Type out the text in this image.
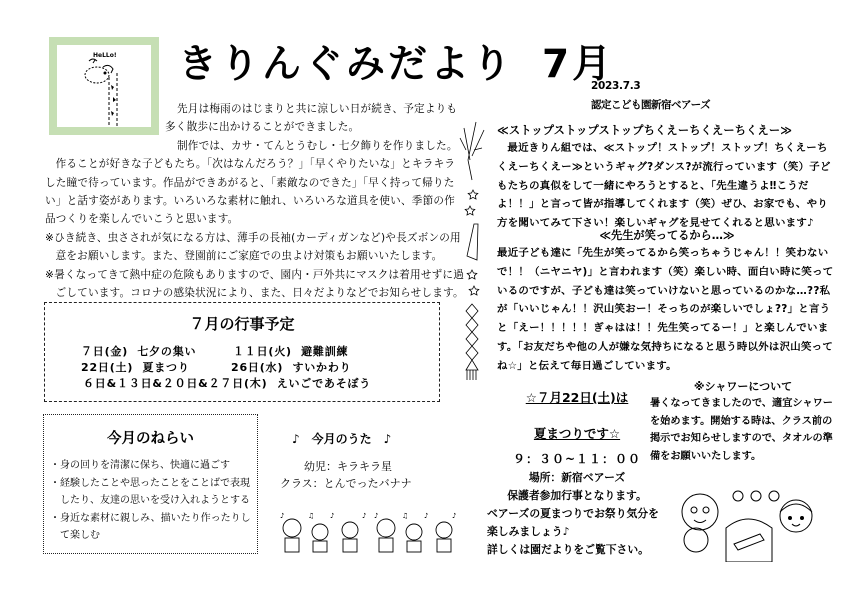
HeLLo! きりんぐみだより 7月
2023.7.3
認定こども園新宿ベアーズ

先月は梅雨のはじまりと共に涼しい日が続き、予定よりも

多く散歩に出かけることができました。

制作では、カサ・てんとうむし・七夕飾りを作りました。

作ることが好きな子どもたち。「次はなんだろう？」「早くやりたいな」とキラキラした瞳で待っています。作品ができあがると、「素敵なのできた」「早く持って帰りたい」と話す姿があります。いろいろな素材に触れ、いろいろな道具を使い、季節の作品つくりを楽しんでいこうと思います。

※ひき続き、虫さされが気になる方は、薄手の長袖(カーディガンなど)や長ズボンの用意をお願いします。また、登園前にご家庭での虫よけ対策もお願いいたします。

※暑くなってきて熱中症の危険もありますので、園内・戸外共にマスクは着用せずに過ごしています。コロナの感染状況により、また、日々だよりなどでお知らせします。

７月の行事予定
７日(金) 七夕の集い	１１日(火) 避難訓練
22日(土) 夏まつり	26日(水) すいかわり
６日&１３日&２０日&２７日(木) えいごであそぼう
今月のねらい
・ 身の回りを清潔に保ち、快適に過ごす
・ 経験したことや思ったことをことばで表現したり、友達の思いを受け入れようとする
・ 身近な素材に親しみ、描いたり作ったりして楽しむ
♪　今月のうた　♪
幼児：キラキラ星
クラス：とんでったバナナ
♪	♫ ♪	♪ ♪	♫ ♪	♪
≪ストップストップストップちくえーちくえーちくえー≫

最近きりん組では、≪ストップ！ストップ！ストップ！ちくえーちくえーちくえー≫というギャグ?ダンス?が流行っています（笑）子どもたちの真似をして一緒にやろうとすると、「先生違うよ‼こうだよ！！」と言って皆が指導してくれます（笑）ぜひ、お家でも、やり方を聞いてみて下さい！楽しいギャグを見せてくれると思います♪

≪先生が笑ってるから…≫

最近子ども達に「先生が笑ってるから笑っちゃうじゃん！！笑わないで！！（ニヤニヤ)」と言われます（笑）楽しい時、面白い時に笑っているのですが、子ども達は笑っていけないと思っているのかな…??私が「いいじゃん！！沢山笑おー！そっちのが楽しいでしょ??」と言うと「えー！！！！！ぎゃはは！！先生笑ってるー！」と楽しんでいます。「お友だちや他の人が嫌な気持ちになると思う時以外は沢山笑ってね☆」と伝えて毎日過ごしています。

☆７月22日(土)は
夏まつりです☆
９：３０~１１：００
場所：新宿ベアーズ
保護者参加行事となります。
ベアーズの夏まつりでお祭り気分を
楽しみましょう♪
詳しくは園だよりをご覧下さい。
※シャワーについて
暑くなってきましたので、適宜シャワーを始めます。開始する時は、クラス前の掲示でお知らせしますので、タオルの準備をお願いいたします。
